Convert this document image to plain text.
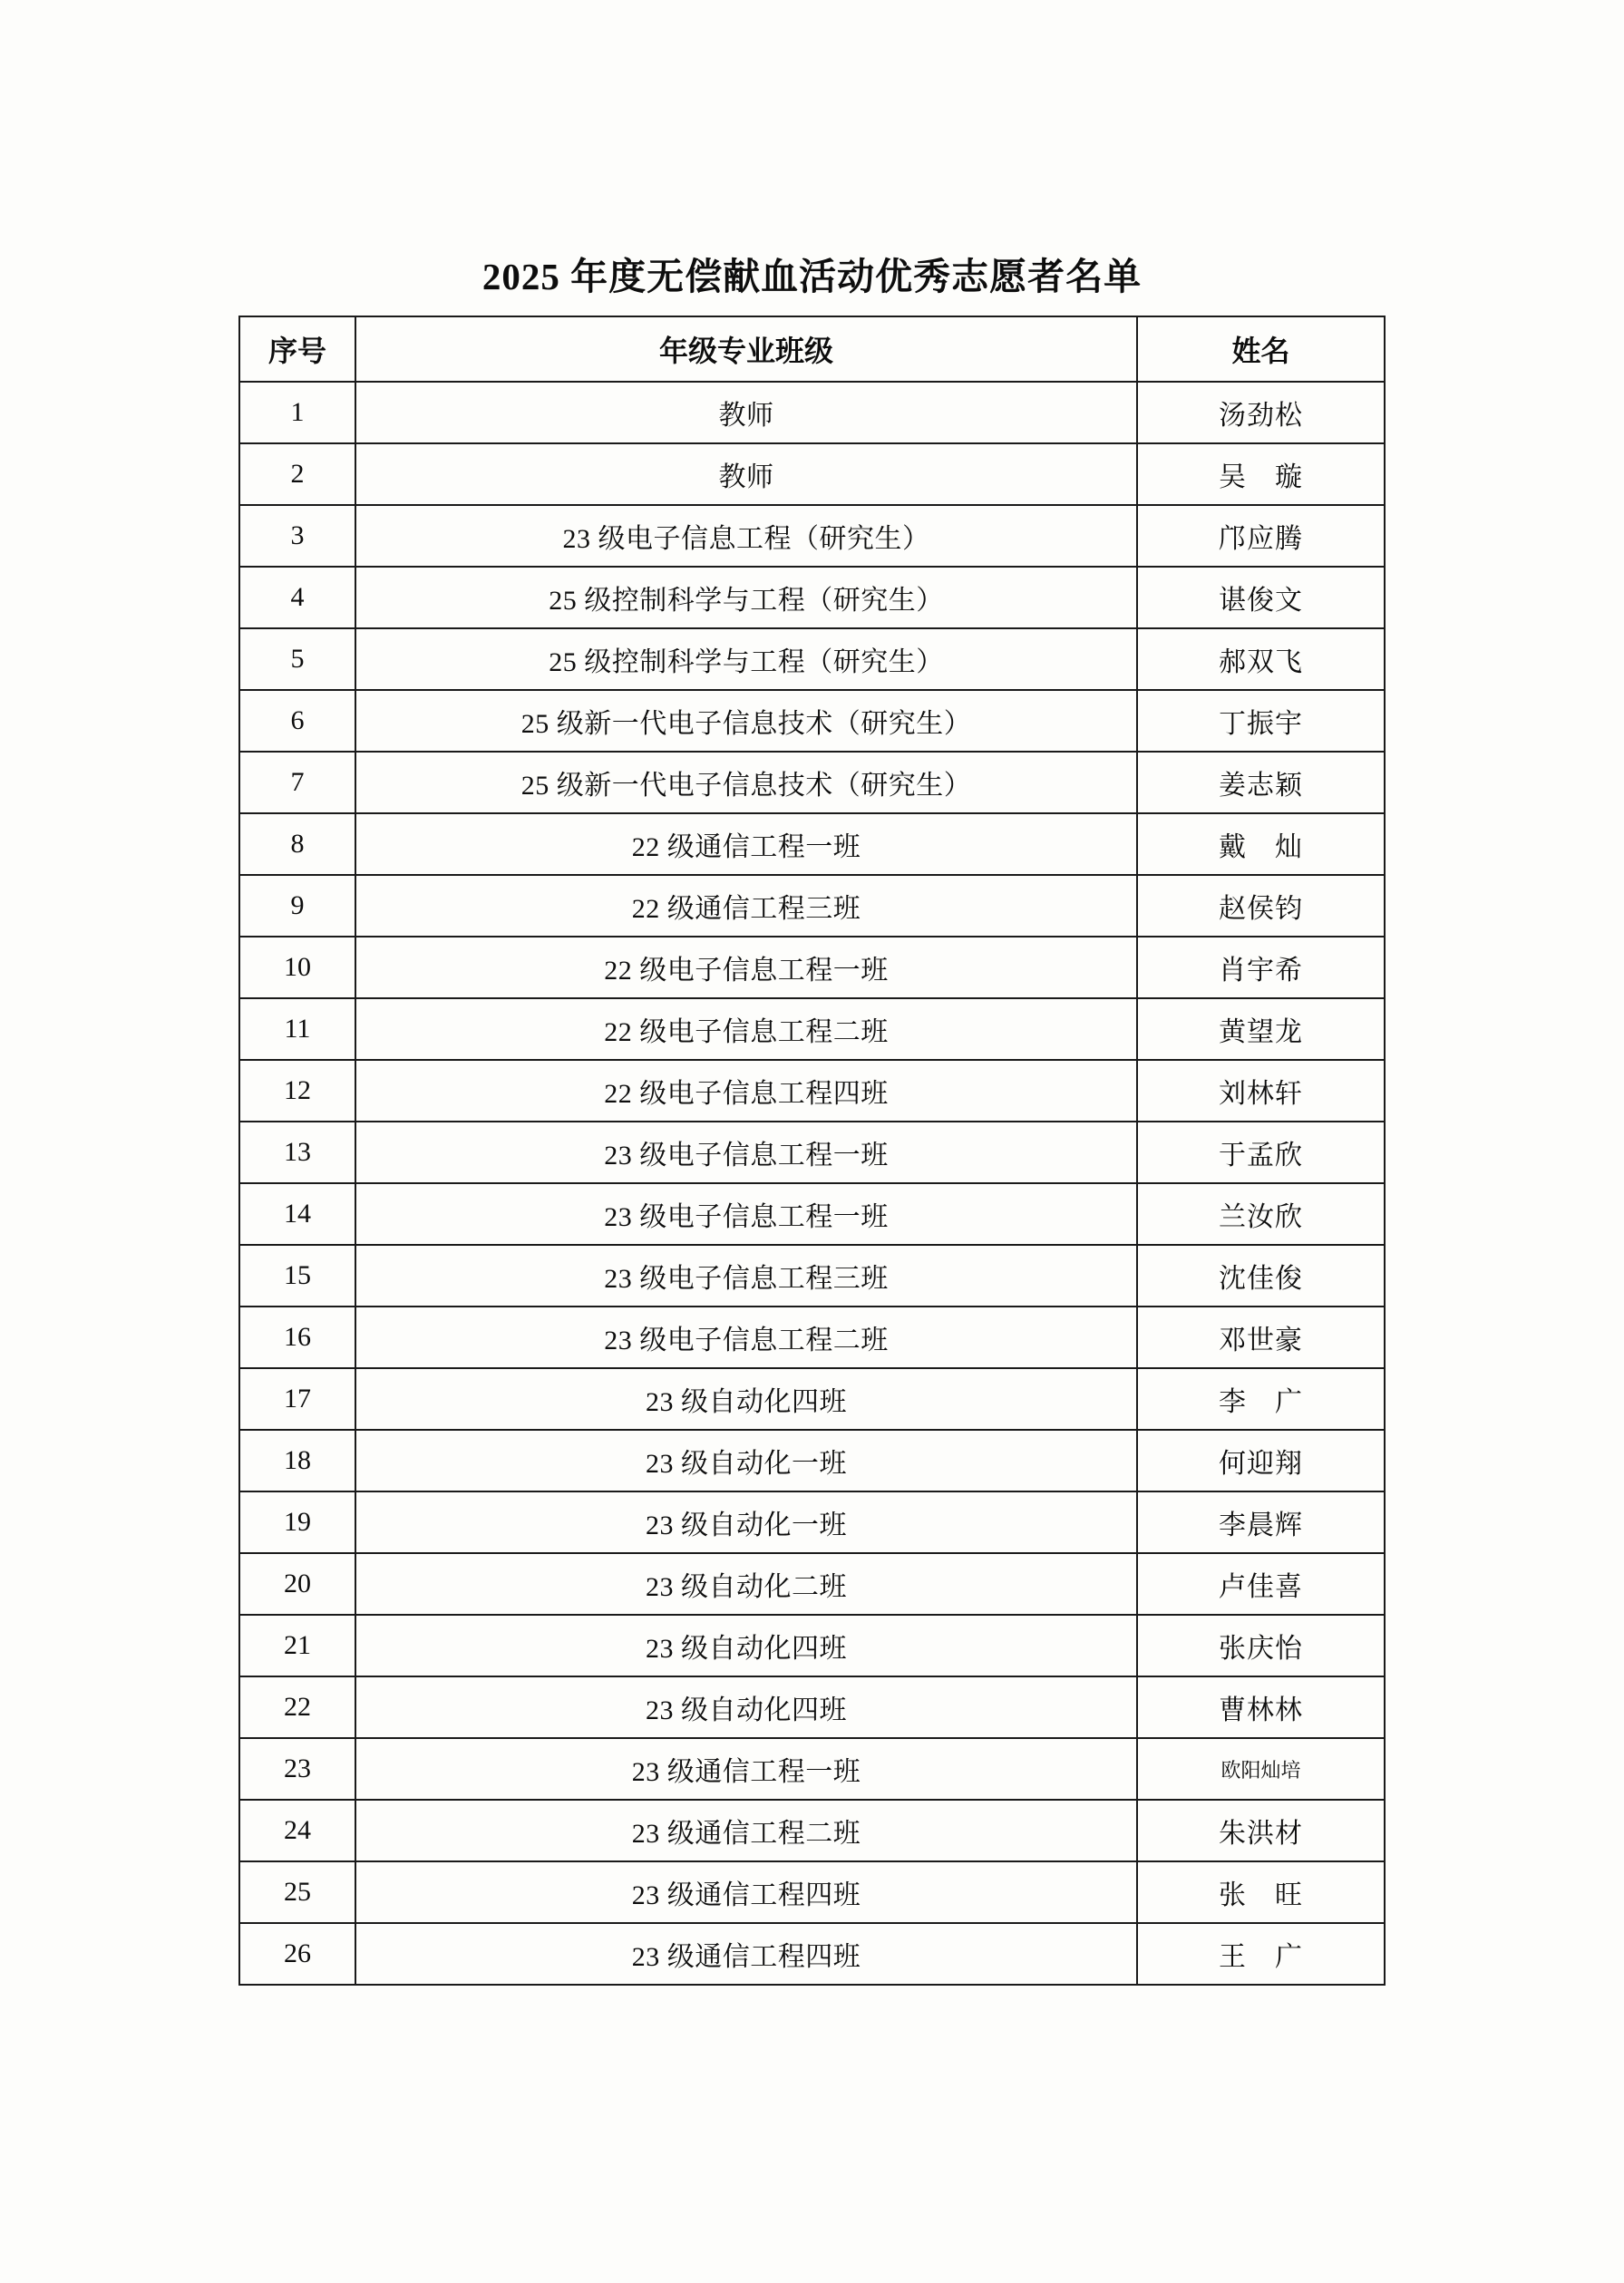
2025 年度无偿献血活动优秀志愿者名单
序号	年级专业班级	姓名
1	教师	汤劲松
2	教师	吴　璇
3	23 级电子信息工程（研究生）	邝应腾
4	25 级控制科学与工程（研究生）	谌俊文
5	25 级控制科学与工程（研究生）	郝双飞
6	25 级新一代电子信息技术（研究生）	丁振宇
7	25 级新一代电子信息技术（研究生）	姜志颖
8	22 级通信工程一班	戴　灿
9	22 级通信工程三班	赵侯钧
10	22 级电子信息工程一班	肖宇希
11	22 级电子信息工程二班	黄望龙
12	22 级电子信息工程四班	刘林轩
13	23 级电子信息工程一班	于孟欣
14	23 级电子信息工程一班	兰汝欣
15	23 级电子信息工程三班	沈佳俊
16	23 级电子信息工程二班	邓世豪
17	23 级自动化四班	李　广
18	23 级自动化一班	何迎翔
19	23 级自动化一班	李晨辉
20	23 级自动化二班	卢佳喜
21	23 级自动化四班	张庆怡
22	23 级自动化四班	曹林林
23	23 级通信工程一班	欧阳灿培
24	23 级通信工程二班	朱洪材
25	23 级通信工程四班	张　旺
26	23 级通信工程四班	王　广
